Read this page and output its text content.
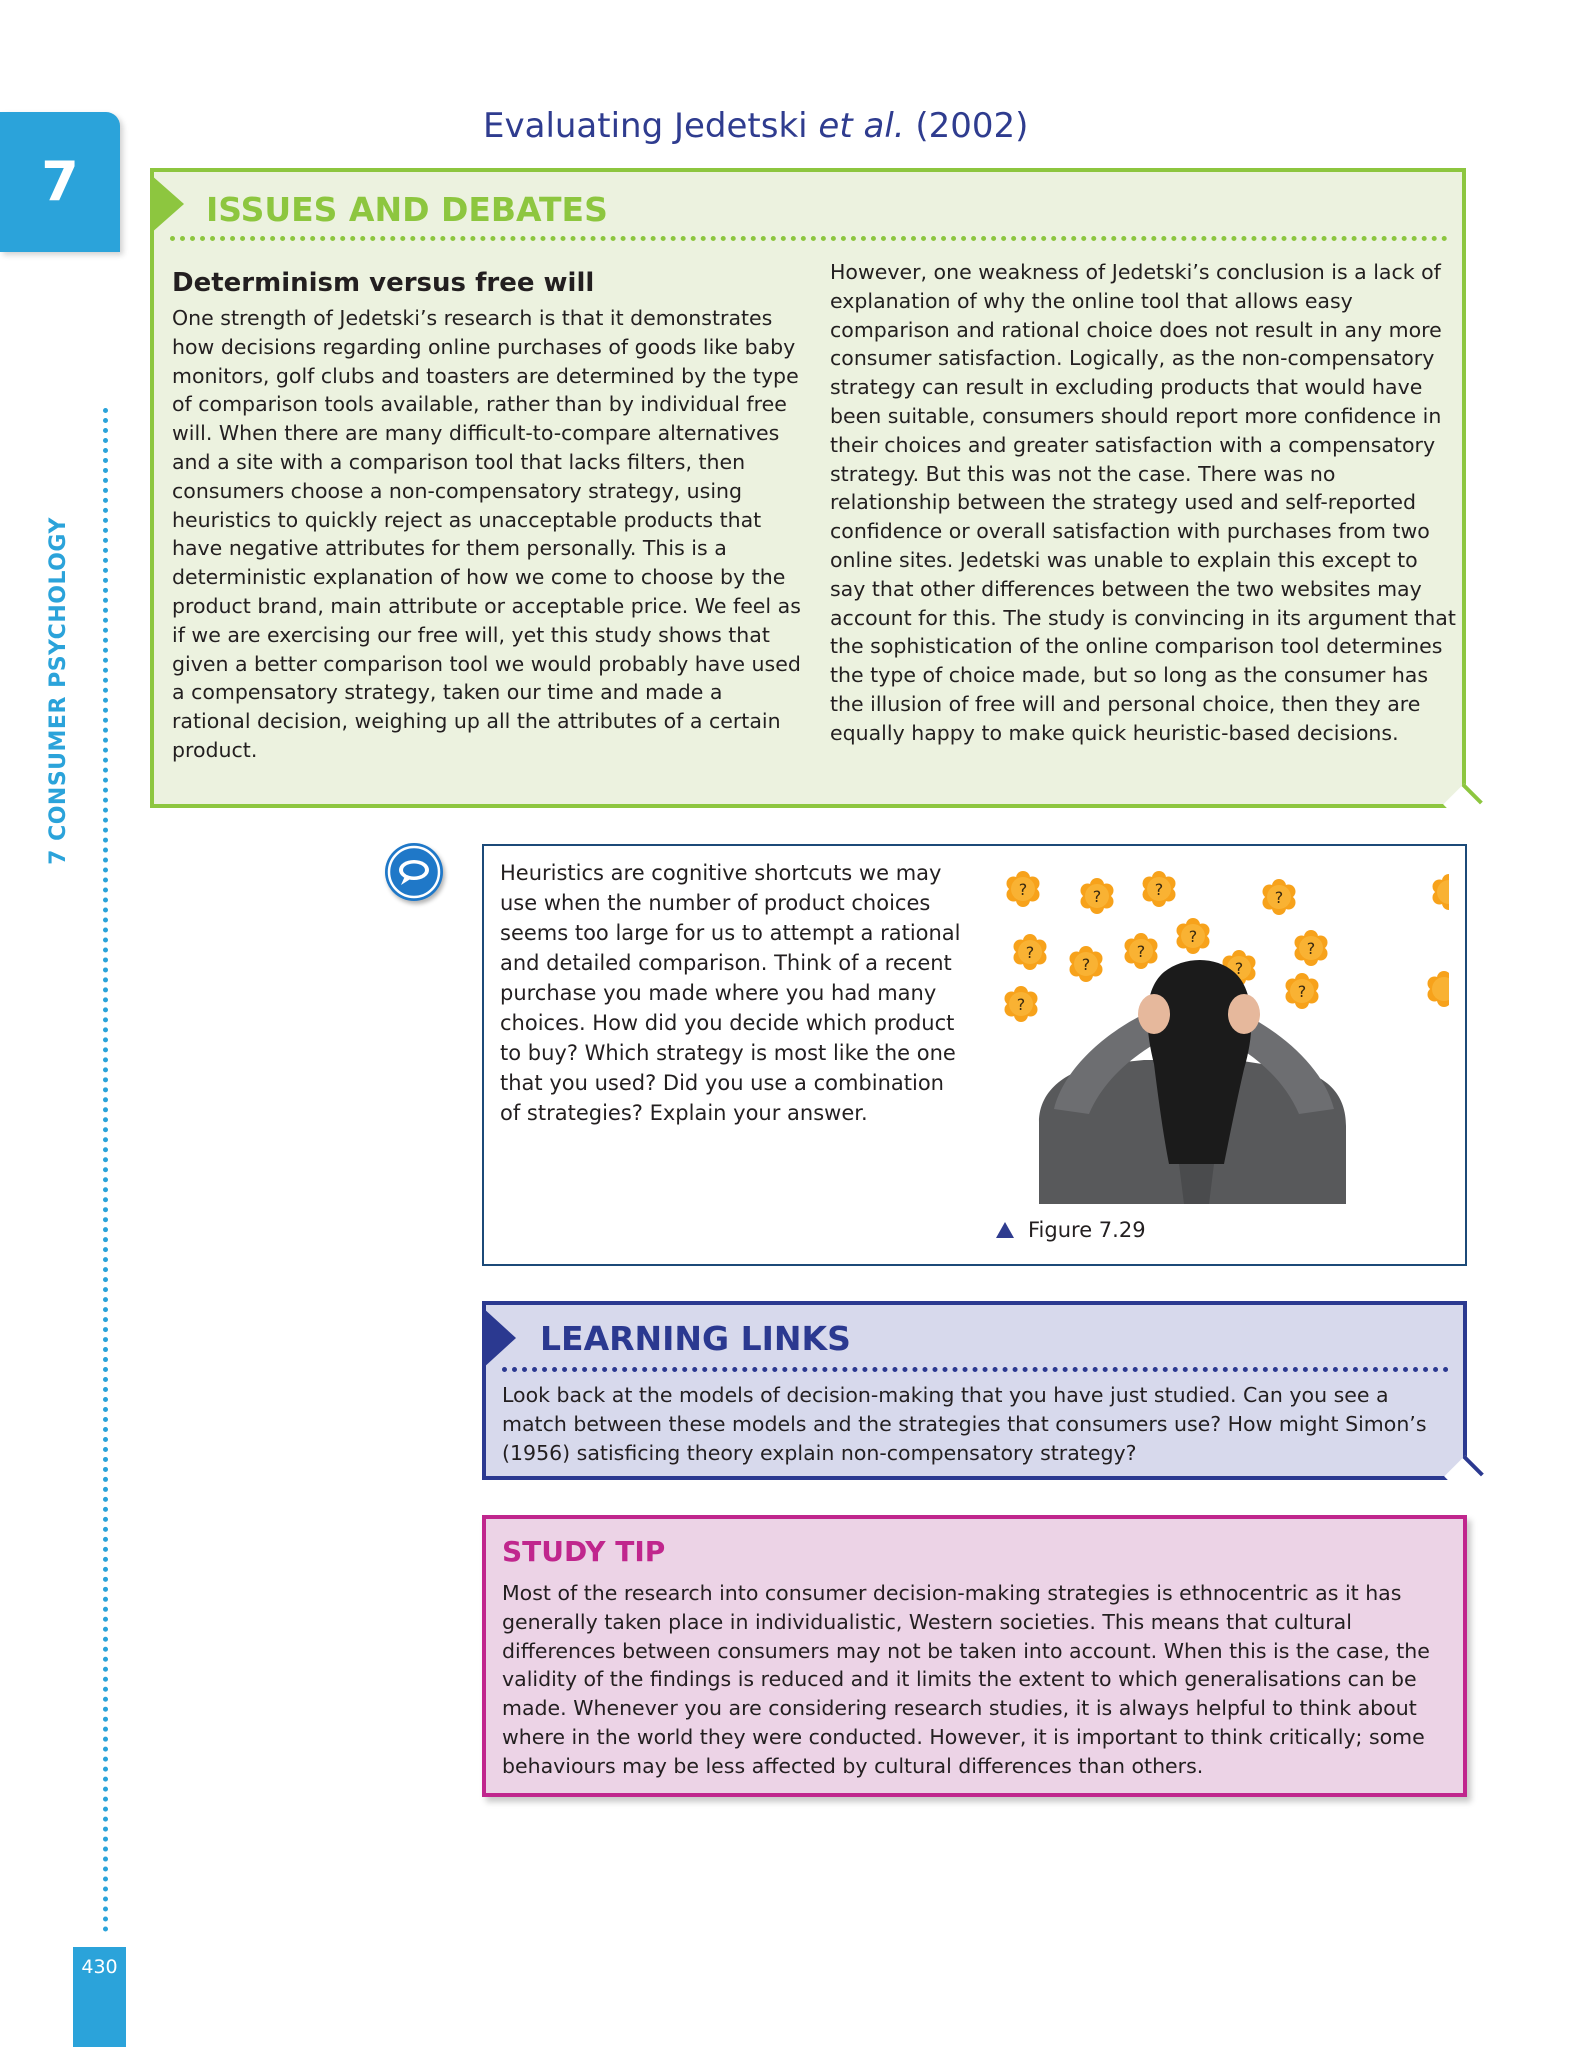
7
7 CONSUMER PSYCHOLOGY
430
Evaluating Jedetski et al. (2002)
ISSUES AND DEBATES
Determinism versus free will

One strength of Jedetski’s research is that it demonstrates how decisions regarding online purchases of goods like baby monitors, golf clubs and toasters are determined by the type of comparison tools available, rather than by individual free will. When there are many difficult-to-compare alternatives and a site with a comparison tool that lacks filters, then consumers choose a non-compensatory strategy, using heuristics to quickly reject as unacceptable products that have negative attributes for them personally. This is a deterministic explanation of how we come to choose by the product brand, main attribute or acceptable price. We feel as if we are exercising our free will, yet this study shows that given a better comparison tool we would probably have used a compensatory strategy, taken our time and made a rational decision, weighing up all the attributes of a certain product.

However, one weakness of Jedetski’s conclusion is a lack of explanation of why the online tool that allows easy comparison and rational choice does not result in any more consumer satisfaction. Logically, as the non-compensatory strategy can result in excluding products that would have been suitable, consumers should report more confidence in their choices and greater satisfaction with a compensatory strategy. But this was not the case. There was no relationship between the strategy used and self-reported confidence or overall satisfaction with purchases from two online sites. Jedetski was unable to explain this except to say that other differences between the two websites may account for this. The study is convincing in its argument that the sophistication of the online comparison tool determines the type of choice made, but so long as the consumer has the illusion of free will and personal choice, then they are equally happy to make quick heuristic-based decisions.

Heuristics are cognitive shortcuts we may use when the number of product choices seems too large for us to attempt a rational and detailed comparison. Think of a recent purchase you made where you had many choices. How did you decide which product to buy? Which strategy is most like the one that you used? Did you use a combination of strategies? Explain your answer.
?	?	?	?
?
?
?
?
?
?
?
?
Figure 7.29
LEARNING LINKS
Look back at the models of decision-making that you have just studied. Can you see a match between these models and the strategies that consumers use? How might Simon’s (1956) satisficing theory explain non-compensatory strategy?
STUDY TIP
Most of the research into consumer decision-making strategies is ethnocentric as it has generally taken place in individualistic, Western societies. This means that cultural differences between consumers may not be taken into account. When this is the case, the validity of the findings is reduced and it limits the extent to which generalisations can be made. Whenever you are considering research studies, it is always helpful to think about where in the world they were conducted. However, it is important to think critically; some behaviours may be less affected by cultural differences than others.
